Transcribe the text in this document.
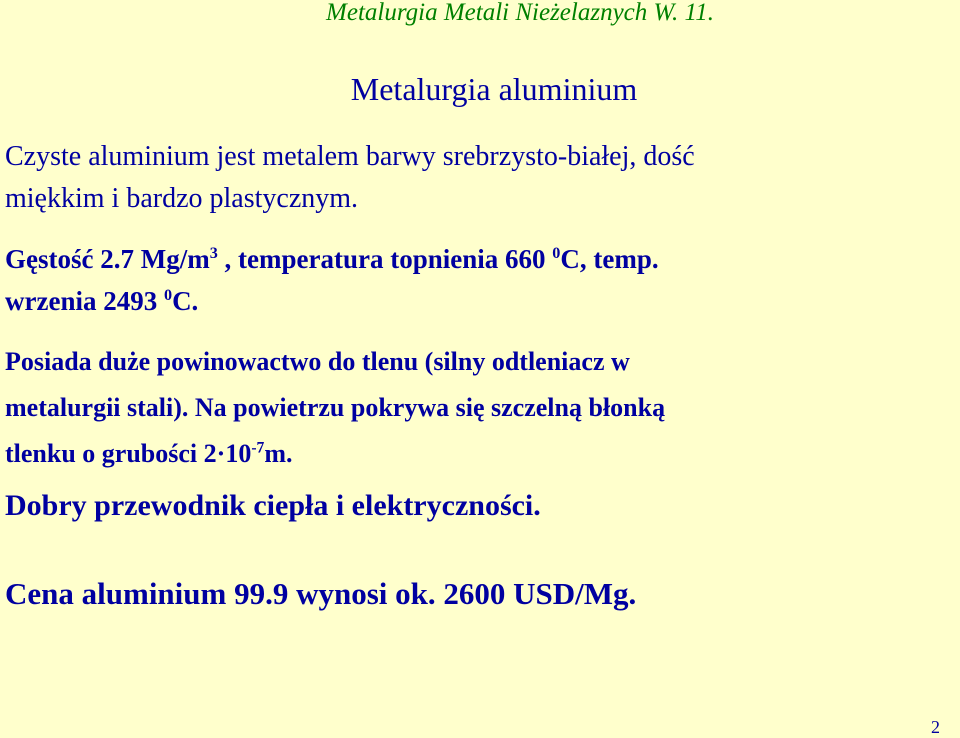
Metalurgia Metali Nieżelaznych W. 11.
Metalurgia aluminium

Czyste aluminium jest metalem barwy srebrzysto-białej, dość
miękkim i bardzo plastycznym.

Gęstość 2.7 $Mg/m^3$ , temperatura topnienia 660 $^0$C, temp.
wrzenia 2493 $^0$C.

Posiada duże powinowactwo do tlenu (silny odtleniacz w
metalurgii stali). Na powietrzu pokrywa się szczelną błonką
tlenku o grubości $2\cdot 10^{-7}m$.

Dobry przewodnik ciepła i elektryczności.

Cena aluminium 99.9 wynosi ok. 2600 USD/Mg.

2
